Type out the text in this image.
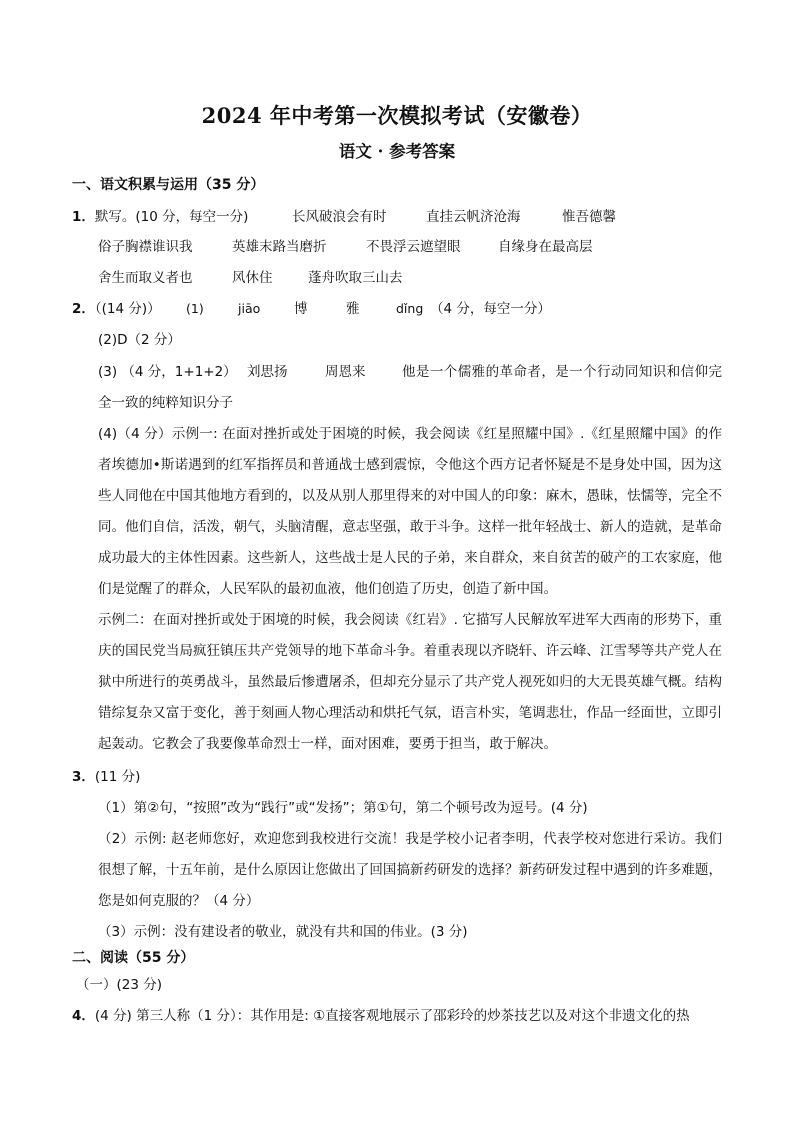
2024 年中考第一次模拟考试（安徽卷）
语文 · 参考答案
一、语文积累与运用（35 分）
1．默写。(10 分，每空一分)	长风破浪会有时	直挂云帆济沧海	惟吾德馨
俗子胸襟谁识我	英雄末路当磨折	不畏浮云遮望眼	自缘身在最高层
舍生而取义者也	风休住	蓬舟吹取三山去
2．（(14 分)） (1)	jiāo 博	雅	dǐng （4 分，每空一分）
(2)D（2 分）
(3) （4 分，1+1+2） 刘思扬	周恩来	他是一个儒雅的革命者，是一个行动同知识和信仰完全一致的纯粹知识分子
(4)（4 分）示例一: 在面对挫折或处于困境的时候，我会阅读《红星照耀中国》.《红星照耀中国》的作者埃德加•斯诺遇到的红军指挥员和普通战士感到震惊，令他这个西方记者怀疑是不是身处中国，因为这些人同他在中国其他地方看到的，以及从别人那里得来的对中国人的印象：麻木，愚昧，怯懦等，完全不同。他们自信，活泼，朝气，头脑清醒，意志坚强，敢于斗争。这样一批年轻战士、新人的造就，是革命成功最大的主体性因素。这些新人，这些战士是人民的子弟，来自群众，来自贫苦的破产的工农家庭，他们是觉醒了的群众，人民军队的最初血液，他们创造了历史，创造了新中国。
示例二：在面对挫折或处于困境的时候，我会阅读《红岩》. 它描写人民解放军进军大西南的形势下，重庆的国民党当局疯狂镇压共产党领导的地下革命斗争。着重表现以齐晓轩、许云峰、江雪琴等共产党人在狱中所进行的英勇战斗，虽然最后惨遭屠杀，但却充分显示了共产党人视死如归的大无畏英雄气概。结构错综复杂又富于变化，善于刻画人物心理活动和烘托气氛，语言朴实，笔调悲壮，作品一经面世，立即引起轰动。它教会了我要像革命烈士一样，面对困难，要勇于担当，敢于解决。
3．(11 分)
（1）第②句，“按照”改为“践行”或“发扬”；第①句，第二个顿号改为逗号。(4 分)
（2）示例: 赵老师您好，欢迎您到我校进行交流！我是学校小记者李明，代表学校对您进行采访。我们很想了解，十五年前，是什么原因让您做出了回国搞新药研发的选择？新药研发过程中遇到的许多难题，您是如何克服的？（4 分）
（3）示例：没有建设者的敬业，就没有共和国的伟业。(3 分)
二、阅读（55 分）
（一）(23 分)
4．(4 分) 第三人称（1 分）：其作用是: ①直接客观地展示了邵彩玲的炒茶技艺以及对这个非遗文化的热
